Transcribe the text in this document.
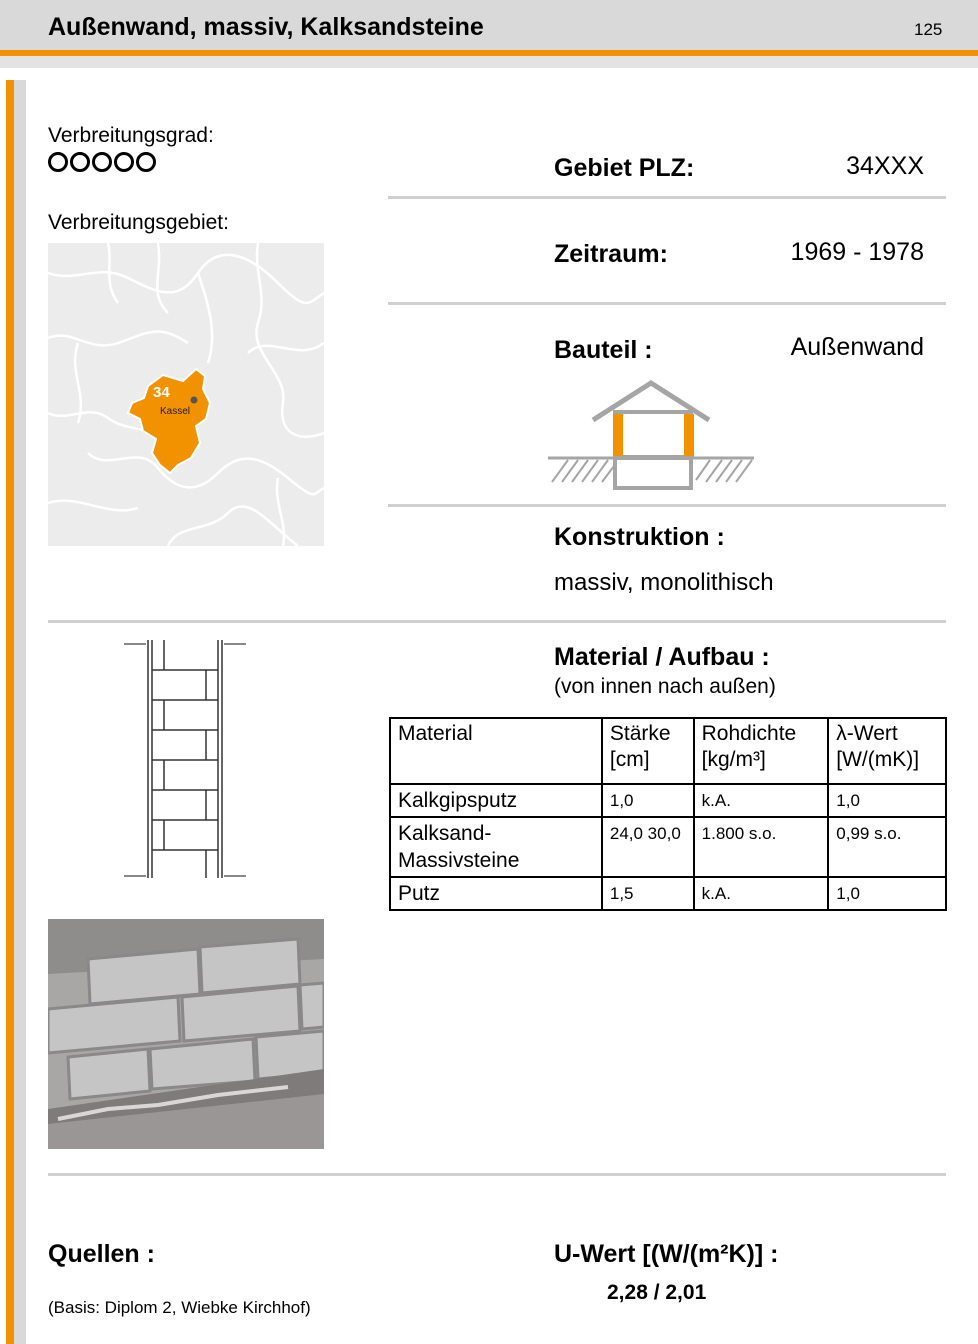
Außenwand, massiv, Kalksandsteine	125
Verbreitungsgrad:
Verbreitungsgebiet:
34
Kassel
Gebiet PLZ:	34XXX
Zeitraum:	1969 - 1978
Bauteil :	Außenwand
Konstruktion :
massiv, monolithisch
Material / Aufbau :
(von innen nach außen)
Material	Stärke [cm]	Rohdichte [kg/m³]	λ-Wert [W/(mK)]
Kalkgipsputz	1,0	k.A.	1,0
Kalksand- Massivsteine	24,0 30,0	1.800 s.o.	0,99 s.o.
Putz	1,5	k.A.	1,0
Quellen :
(Basis: Diplom 2, Wiebke Kirchhof)
U-Wert [(W/(m²K)] :
2,28 / 2,01
